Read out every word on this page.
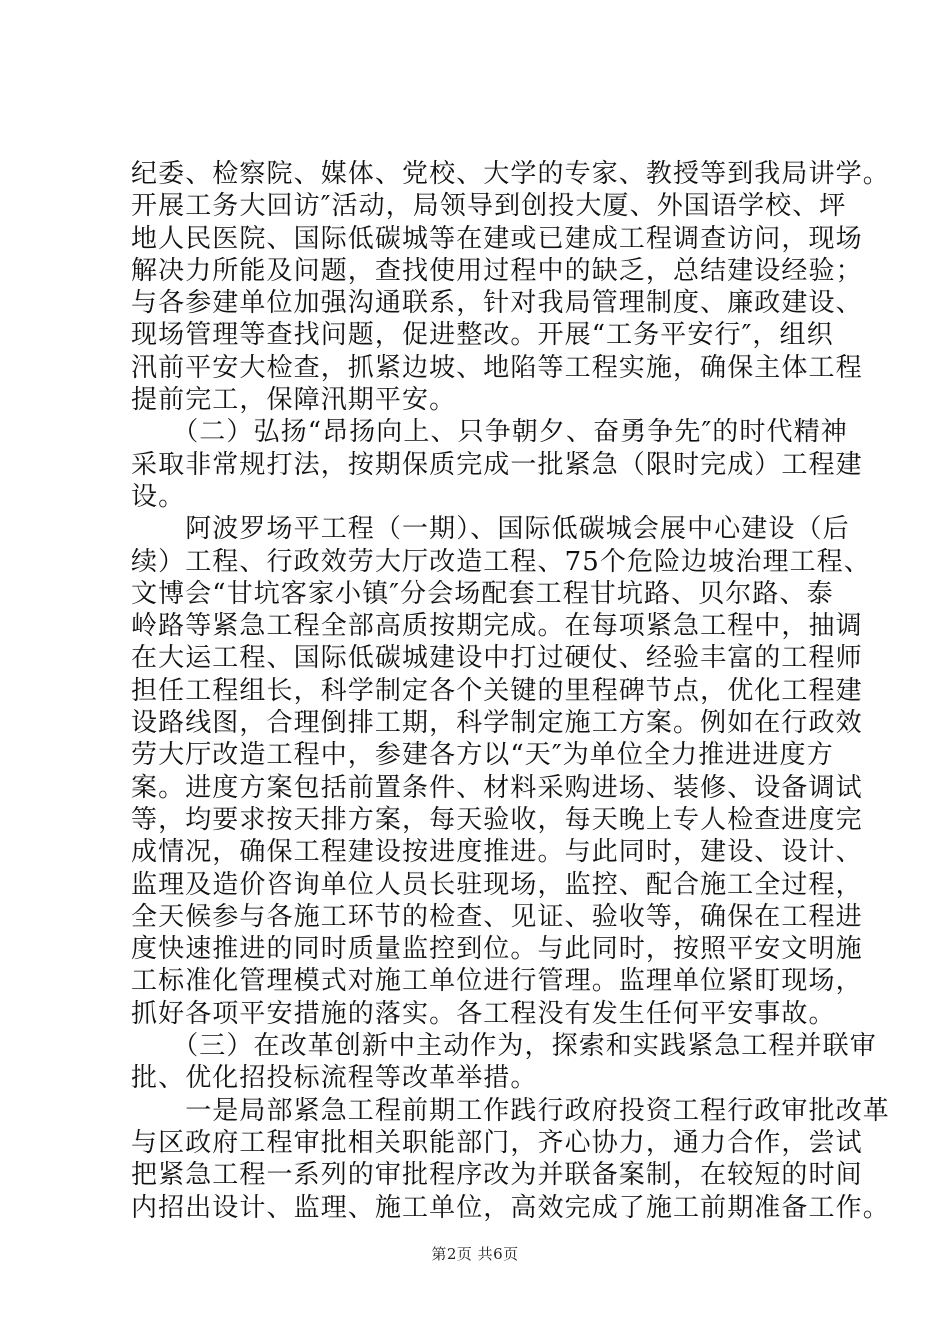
纪委、检察院、媒体、党校、大学的专家、教授等到我局讲学。
开展工务大回访″活动，局领导到创投大厦、外国语学校、坪
地人民医院、国际低碳城等在建或已建成工程调查访问，现场
解决力所能及问题，查找使用过程中的缺乏，总结建设经验；
与各参建单位加强沟通联系，针对我局管理制度、廉政建设、
现场管理等查找问题，促进整改。开展“工务平安行″，组织
汛前平安大检查，抓紧边坡、地陷等工程实施，确保主体工程
提前完工，保障汛期平安。
　　（二）弘扬“昂扬向上、只争朝夕、奋勇争先″的时代精神
采取非常规打法，按期保质完成一批紧急（限时完成）工程建
设。
　　阿波罗场平工程（一期）、国际低碳城会展中心建设（后
续）工程、行政效劳大厅改造工程、75个危险边坡治理工程、
文博会“甘坑客家小镇″分会场配套工程甘坑路、贝尔路、泰
岭路等紧急工程全部高质按期完成。在每项紧急工程中，抽调
在大运工程、国际低碳城建设中打过硬仗、经验丰富的工程师
担任工程组长，科学制定各个关键的里程碑节点，优化工程建
设路线图，合理倒排工期，科学制定施工方案。例如在行政效
劳大厅改造工程中，参建各方以“天″为单位全力推进进度方
案。进度方案包括前置条件、材料采购进场、装修、设备调试
等，均要求按天排方案，每天验收，每天晚上专人检查进度完
成情况，确保工程建设按进度推进。与此同时，建设、设计、
监理及造价咨询单位人员长驻现场，监控、配合施工全过程，
全天候参与各施工环节的检查、见证、验收等，确保在工程进
度快速推进的同时质量监控到位。与此同时，按照平安文明施
工标准化管理模式对施工单位进行管理。监理单位紧盯现场，
抓好各项平安措施的落实。各工程没有发生任何平安事故。
　　（三）在改革创新中主动作为，探索和实践紧急工程并联审
批、优化招投标流程等改革举措。
　　一是局部紧急工程前期工作践行政府投资工程行政审批改革
与区政府工程审批相关职能部门，齐心协力，通力合作，尝试
把紧急工程一系列的审批程序改为并联备案制，在较短的时间
内招出设计、监理、施工单位，高效完成了施工前期准备工作。
第2页 共6页
